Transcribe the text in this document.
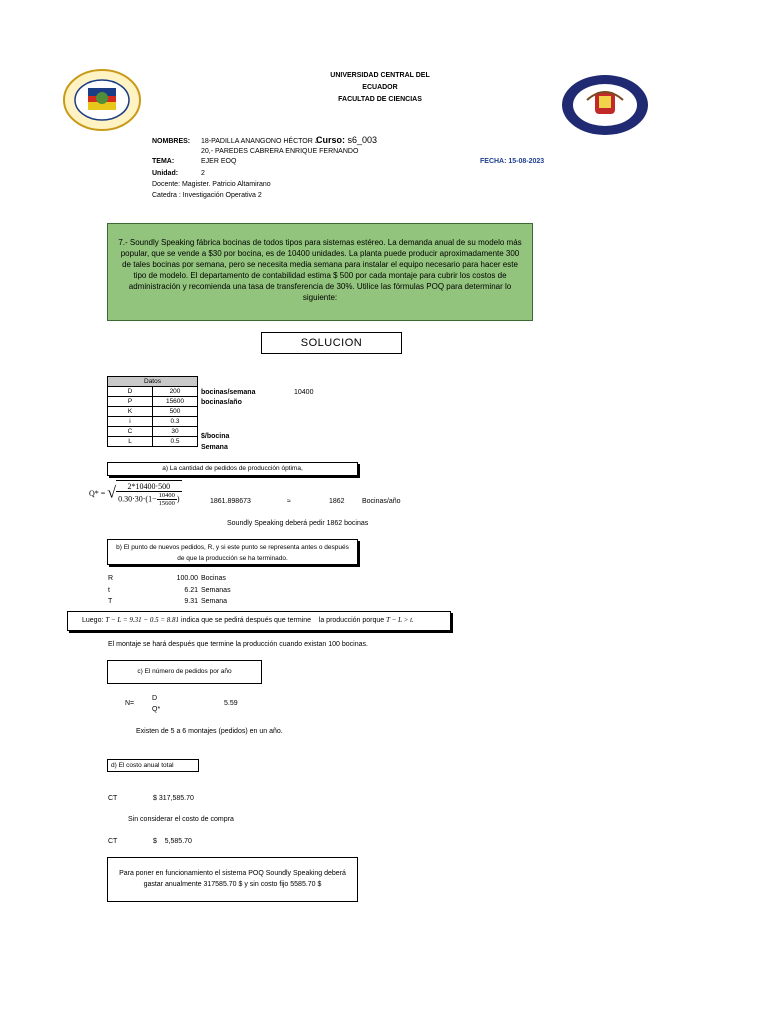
UNIVERSIDAD CENTRAL DEL
ECUADOR
FACULTAD DE CIENCIAS
NOMBRES: 18-PADILLA ANANGONO HÉCTOR J
Curso: s6_003
20,- PAREDES CABRERA ENRIQUE FERNANDO
TEMA:	EJER EOQ	FECHA: 15-08-2023
Unidad:	2
Docente: Magister. Patricio Altamirano
Catedra : Investigación Operativa 2
7.- Soundly Speaking fábrica bocinas de todos tipos para sistemas estéreo. La demanda anual de su modelo más popular, que se vende a $30 por bocina, es de 10400 unidades. La planta puede producir aproximadamente 300 de tales bocinas por semana, pero se necesita media semana para instalar el equipo necesario para hacer este tipo de modelo. El departamento de contabilidad estima $ 500 por cada montaje para cubrir los costos de administración y recomienda una tasa de transferencia de 30%. Utilice las fórmulas POQ para determinar lo siguiente:
SOLUCION
Datos	
D	200
P	15600
K	500
i	0.3
C	30
L	0.5
bocinas/semana	10400
bocinas/año
$/bocina
Semana
a) La cantidad de pedidos de producción óptima,
Q* = √ $\frac{2*10400\cdot 500}{0.30\cdot 30\cdot(1- \frac{10400}{15600} )}$	1861.898673	≈	1862 Bocinas/año
Soundly Speaking deberá pedir 1862 bocinas
b) El punto de nuevos pedidos, R, y si este punto se representa antes o después de que la producción se ha terminado.
R	100.00 Bocinas
t	6.21 Semanas
T	9.31 Semana
Luego: T − L = 9.31 − 0.5 = 8.81 indica que se pedirá después que termine la producción porque T − L > t.
El montaje se hará después que termine la producción cuando existan 100 bocinas.
c) El número de pedidos por año
N=
D
Q*
5.59
Existen de 5 a 6 montajes (pedidos) en un año.
d) El costo anual total
CT	$ 317,585.70
Sin considerar el costo de compra
CT	$    5,585.70
Para poner en funcionamiento el sistema POQ Soundly Speaking deberá gastar anualmente 317585.70 $ y sin costo fijo 5585.70 $
